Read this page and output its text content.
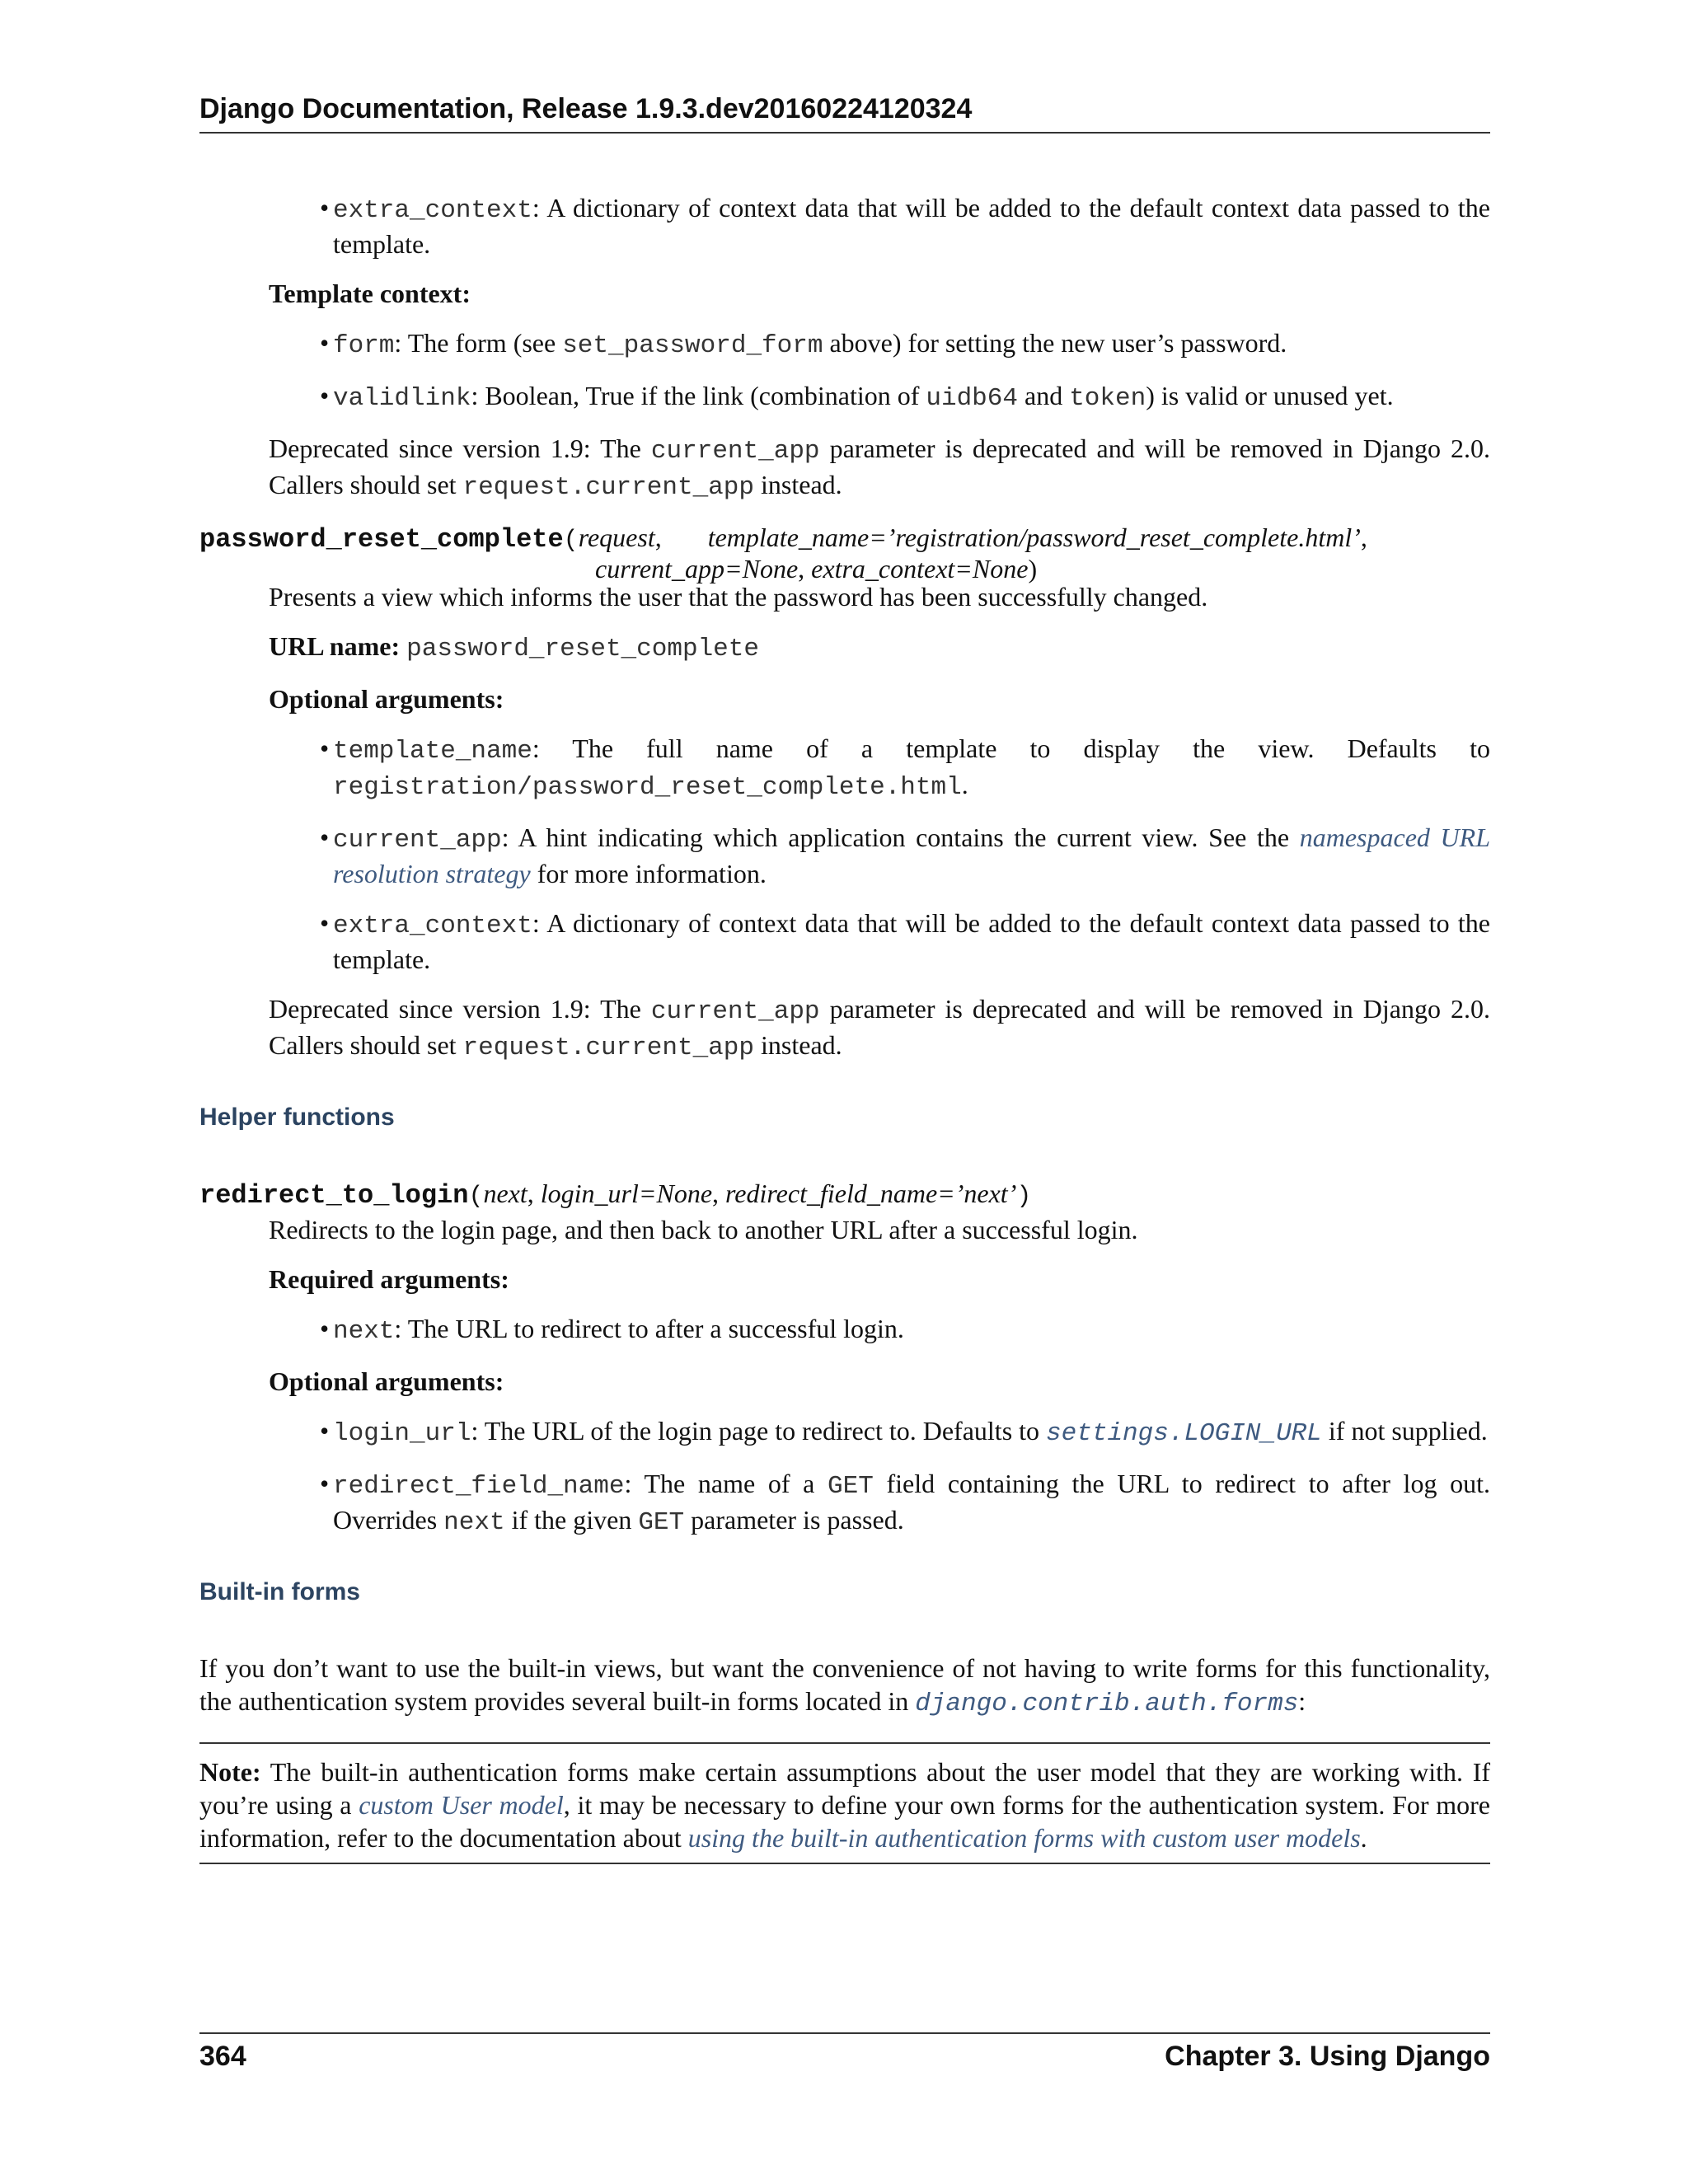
Django Documentation, Release 1.9.3.dev20160224120324
• extra_context: A dictionary of context data that will be added to the default context data passed to the template.
Template context:
• form: The form (see set_password_form above) for setting the new user’s password.
• validlink: Boolean, True if the link (combination of uidb64 and token) is valid or unused yet.
Deprecated since version 1.9: The current_app parameter is deprecated and will be removed in Django 2.0. Callers should set request.current_app instead.
password_reset_complete(request, template_name=’registration/password_reset_complete.html’,
current_app=None, extra_context=None)
Presents a view which informs the user that the password has been successfully changed.
URL name: password_reset_complete
Optional arguments:
• template_name: The full name of a template to display the view. Defaults to registration/password_reset_complete.html.
• current_app: A hint indicating which application contains the current view. See the namespaced URL resolution strategy for more information.
• extra_context: A dictionary of context data that will be added to the default context data passed to the template.
Deprecated since version 1.9: The current_app parameter is deprecated and will be removed in Django 2.0. Callers should set request.current_app instead.
Helper functions
redirect_to_login(next, login_url=None, redirect_field_name=’next’)
Redirects to the login page, and then back to another URL after a successful login.
Required arguments:
• next: The URL to redirect to after a successful login.
Optional arguments:
• login_url: The URL of the login page to redirect to. Defaults to settings.LOGIN_URL if not supplied.
• redirect_field_name: The name of a GET field containing the URL to redirect to after log out. Overrides next if the given GET parameter is passed.
Built-in forms
If you don’t want to use the built-in views, but want the convenience of not having to write forms for this functionality, the authentication system provides several built-in forms located in django.contrib.auth.forms:
Note: The built-in authentication forms make certain assumptions about the user model that they are working with. If you’re using a custom User model, it may be necessary to define your own forms for the authentication system. For more information, refer to the documentation about using the built-in authentication forms with custom user models.
364	Chapter 3. Using Django
